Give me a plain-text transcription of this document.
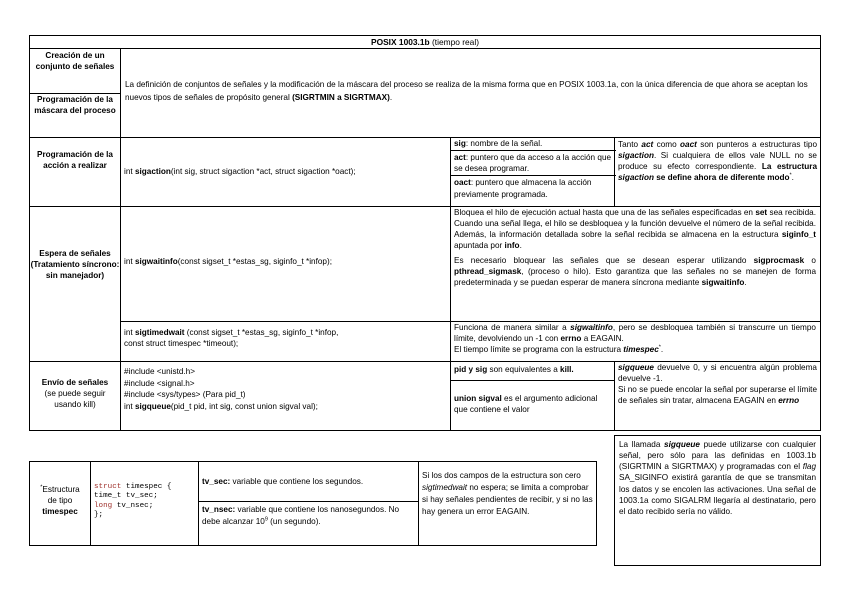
POSIX 1003.1b (tiempo real)
Creación de un conjunto de señales
Programación de la máscara del proceso
La definición de conjuntos de señales y la modificación de la máscara del proceso se realiza de la misma forma que en POSIX 1003.1a, con la única diferencia de que ahora se aceptan los nuevos tipos de señales de propósito general (SIGRTMIN a SIGRTMAX).
Programación de la acción a realizar
int sigaction(int sig, struct sigaction *act, struct sigaction *oact);

sig: nombre de la señal.

act: puntero que da acceso a la acción que se desea programar.

oact: puntero que almacena la acción previamente programada.

Tanto act como oact son punteros a estructuras tipo sigaction. Si cualquiera de ellos vale NULL no se produce su efecto correspondiente. La estructura sigaction se define ahora de diferente modo*.
Espera de señales
(Tratamiento síncrono: sin manejador)
int sigwaitinfo(const sigset_t *estas_sg, siginfo_t *infop);

Bloquea el hilo de ejecución actual hasta que una de las señales especificadas en set sea recibida. Cuando una señal llega, el hilo se desbloquea y la función devuelve el número de la señal recibida. Además, la información detallada sobre la señal recibida se almacena en la estructura siginfo_t apuntada por info.

Es necesario bloquear las señales que se desean esperar utilizando sigprocmask o pthread_sigmask, (proceso o hilo). Esto garantiza que las señales no se manejen de forma predeterminada y se puedan esperar de manera síncrona mediante sigwaitinfo.

int sigtimedwait (const sigset_t *estas_sg, siginfo_t *infop,
const struct timespec *timeout);

Funciona de manera similar a sigwaitinfo, pero se desbloquea también si transcurre un tiempo límite, devolviendo un -1 con errno a EAGAIN.

El tiempo límite se programa con la estructura timespec*.

Envío de señales
(se puede seguir usando kill)
#include <unistd.h>
#include <signal.h>
#include <sys/types> (Para pid_t)
int sigqueue(pid_t pid, int sig, const union sigval val);
pid y sig son equivalentes a kill.
union sigval es el argumento adicional que contiene el valor

sigqueue devuelve 0, y si encuentra algún problema devuelve -1.

Si no se puede encolar la señal por superarse el límite de señales sin tratar, almacena EAGAIN en errno

La llamada sigqueue puede utilizarse con cualquier señal, pero sólo para las definidas en 1003.1b (SIGRTMIN a SIGRTMAX) y programadas con el flag SA_SIGINFO existirá garantía de que se transmitan los datos y se encolen las activaciones. Una señal de 1003.1a como SIGALRM llegaría al destinatario, pero el dato recibido sería no válido.
*Estructura
de tipo
timespec
struct timespec {
time_t tv_sec;
long tv_nsec;
};
tv_sec: variable que contiene los segundos.
tv_nsec: variable que contiene los nanosegundos. No debe alcanzar $10^9$ (un segundo).
Si los dos campos de la estructura son cero sigtimedwait no espera; se limita a comprobar si hay señales pendientes de recibir, y si no las hay genera un error EAGAIN.
